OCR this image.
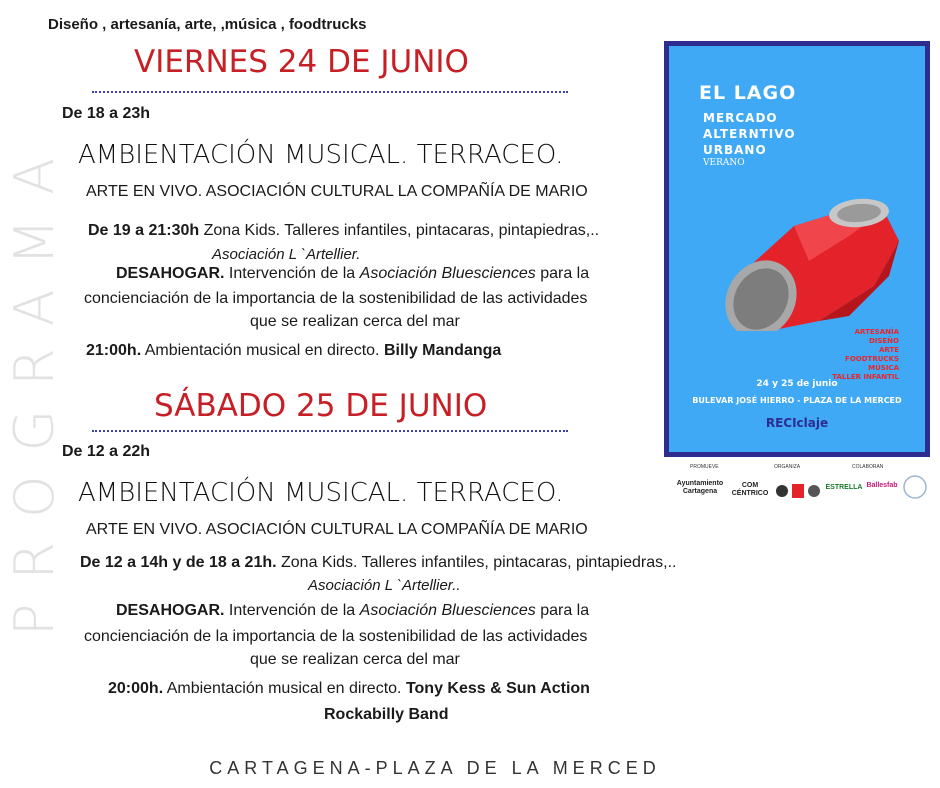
PROGRAMA
Diseño , artesanía, arte, ,música , foodtrucks
VIERNES 24 DE JUNIO
De 18 a 23h
AMBIENTACIÓN MUSICAL. TERRACEO.
ARTE EN VIVO. ASOCIACIÓN CULTURAL LA COMPAÑÍA DE MARIO
De 19 a 21:30h Zona Kids. Talleres infantiles, pintacaras, pintapiedras,..
Asociación L `Artellier.
DESAHOGAR. Intervención de la Asociación Bluesciences para la
concienciación de la importancia de la sostenibilidad de las actividades
que se realizan cerca del mar
21:00h. Ambientación musical en directo. Billy Mandanga
SÁBADO 25 DE JUNIO
De 12 a 22h
AMBIENTACIÓN MUSICAL. TERRACEO.
ARTE EN VIVO. ASOCIACIÓN CULTURAL LA COMPAÑÍA DE MARIO
De 12 a 14h y de 18 a 21h. Zona Kids. Talleres infantiles, pintacaras, pintapiedras,..
Asociación L `Artellier..
DESAHOGAR. Intervención de la Asociación Bluesciences para la
concienciación de la importancia de la sostenibilidad de las actividades
que se realizan cerca del mar
20:00h. Ambientación musical en directo. Tony Kess & Sun Action
Rockabilly Band
CARTAGENA-PLAZA DE LA MERCED
EL LAGO
MERCADO
ALTERNTIVO
URBANO
VERANO
ARTESANÍA
DISEÑO
ARTE
FOODTRUCKS
MÚSICA
TALLER INFANTIL
24 y 25 de junio
BULEVAR JOSÉ HIERRO - PLAZA DE LA MERCED
RECIclaje
PROMUEVE	ORGANIZA	COLABORAN
Ayuntamiento Cartagena
COM CÉNTRICO
ESTRELLA Ballesfab
